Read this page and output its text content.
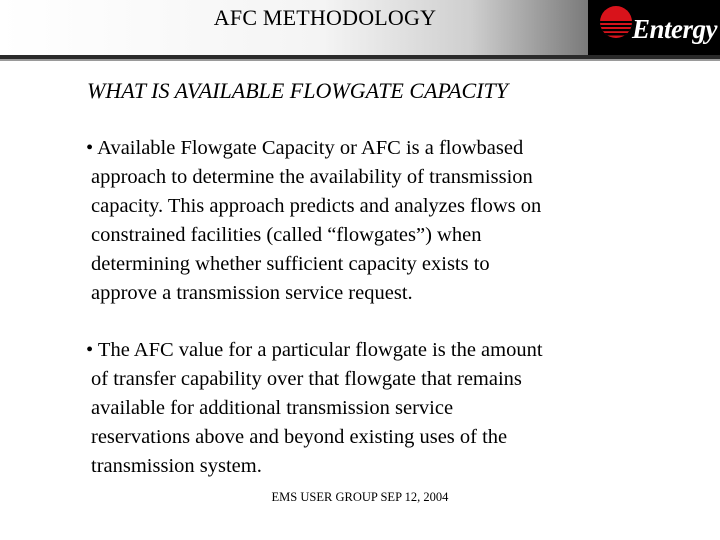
AFC METHODOLOGY	Entergy
WHAT IS AVAILABLE FLOWGATE CAPACITY
• Available Flowgate Capacity or AFC is a flowbased
approach to determine the availability of transmission
capacity. This approach predicts and analyzes flows on
constrained facilities (called “flowgates”) when
determining whether sufficient capacity exists to
approve a transmission service request.
• The AFC value for a particular flowgate is the amount
of transfer capability over that flowgate that remains
available for additional transmission service
reservations above and beyond existing uses of the
transmission system.
EMS USER GROUP SEP 12, 2004
